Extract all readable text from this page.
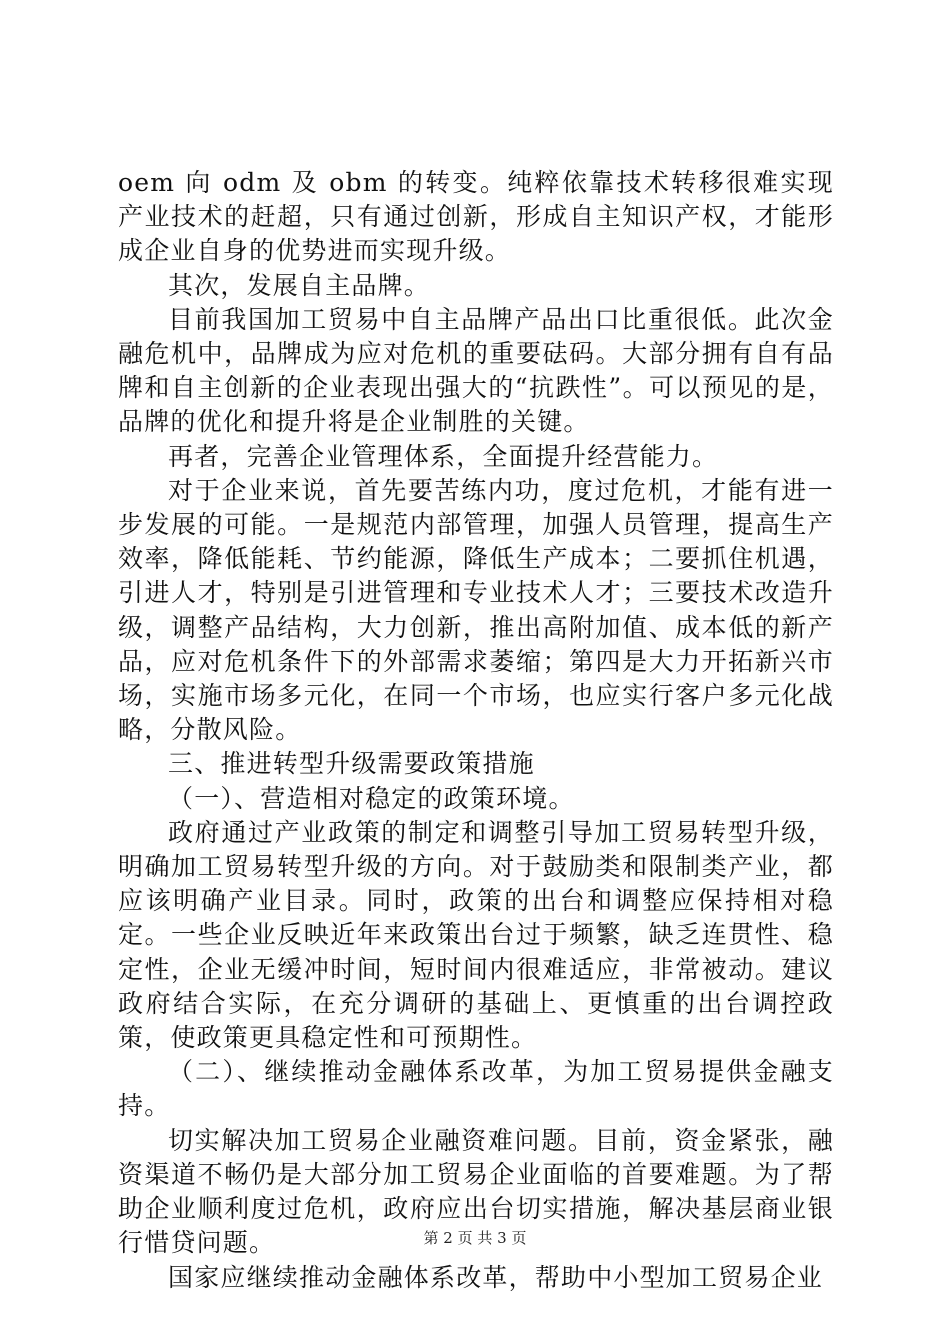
oem 向 odm 及 obm 的转变。纯粹依靠技术转移很难实现产业技术的赶超，只有通过创新，形成自主知识产权，才能形成企业自身的优势进而实现升级。

其次，发展自主品牌。

目前我国加工贸易中自主品牌产品出口比重很低。此次金融危机中，品牌成为应对危机的重要砝码。大部分拥有自有品牌和自主创新的企业表现出强大的“抗跌性”。可以预见的是，品牌的优化和提升将是企业制胜的关键。

再者，完善企业管理体系，全面提升经营能力。

对于企业来说，首先要苦练内功，度过危机，才能有进一步发展的可能。一是规范内部管理，加强人员管理，提高生产效率，降低能耗、节约能源，降低生产成本；二要抓住机遇，引进人才，特别是引进管理和专业技术人才；三要技术改造升级，调整产品结构，大力创新，推出高附加值、成本低的新产品，应对危机条件下的外部需求萎缩；第四是大力开拓新兴市场，实施市场多元化，在同一个市场，也应实行客户多元化战略，分散风险。

三、推进转型升级需要政策措施

（一）、营造相对稳定的政策环境。

政府通过产业政策的制定和调整引导加工贸易转型升级，明确加工贸易转型升级的方向。对于鼓励类和限制类产业，都应该明确产业目录。同时，政策的出台和调整应保持相对稳定。一些企业反映近年来政策出台过于频繁，缺乏连贯性、稳定性，企业无缓冲时间，短时间内很难适应，非常被动。建议政府结合实际，在充分调研的基础上、更慎重的出台调控政策，使政策更具稳定性和可预期性。

（二）、继续推动金融体系改革，为加工贸易提供金融支持。

切实解决加工贸易企业融资难问题。目前，资金紧张，融资渠道不畅仍是大部分加工贸易企业面临的首要难题。为了帮助企业顺利度过危机，政府应出台切实措施，解决基层商业银行惜贷问题。

国家应继续推动金融体系改革，帮助中小型加工贸易企业

第 2 页 共 3 页
